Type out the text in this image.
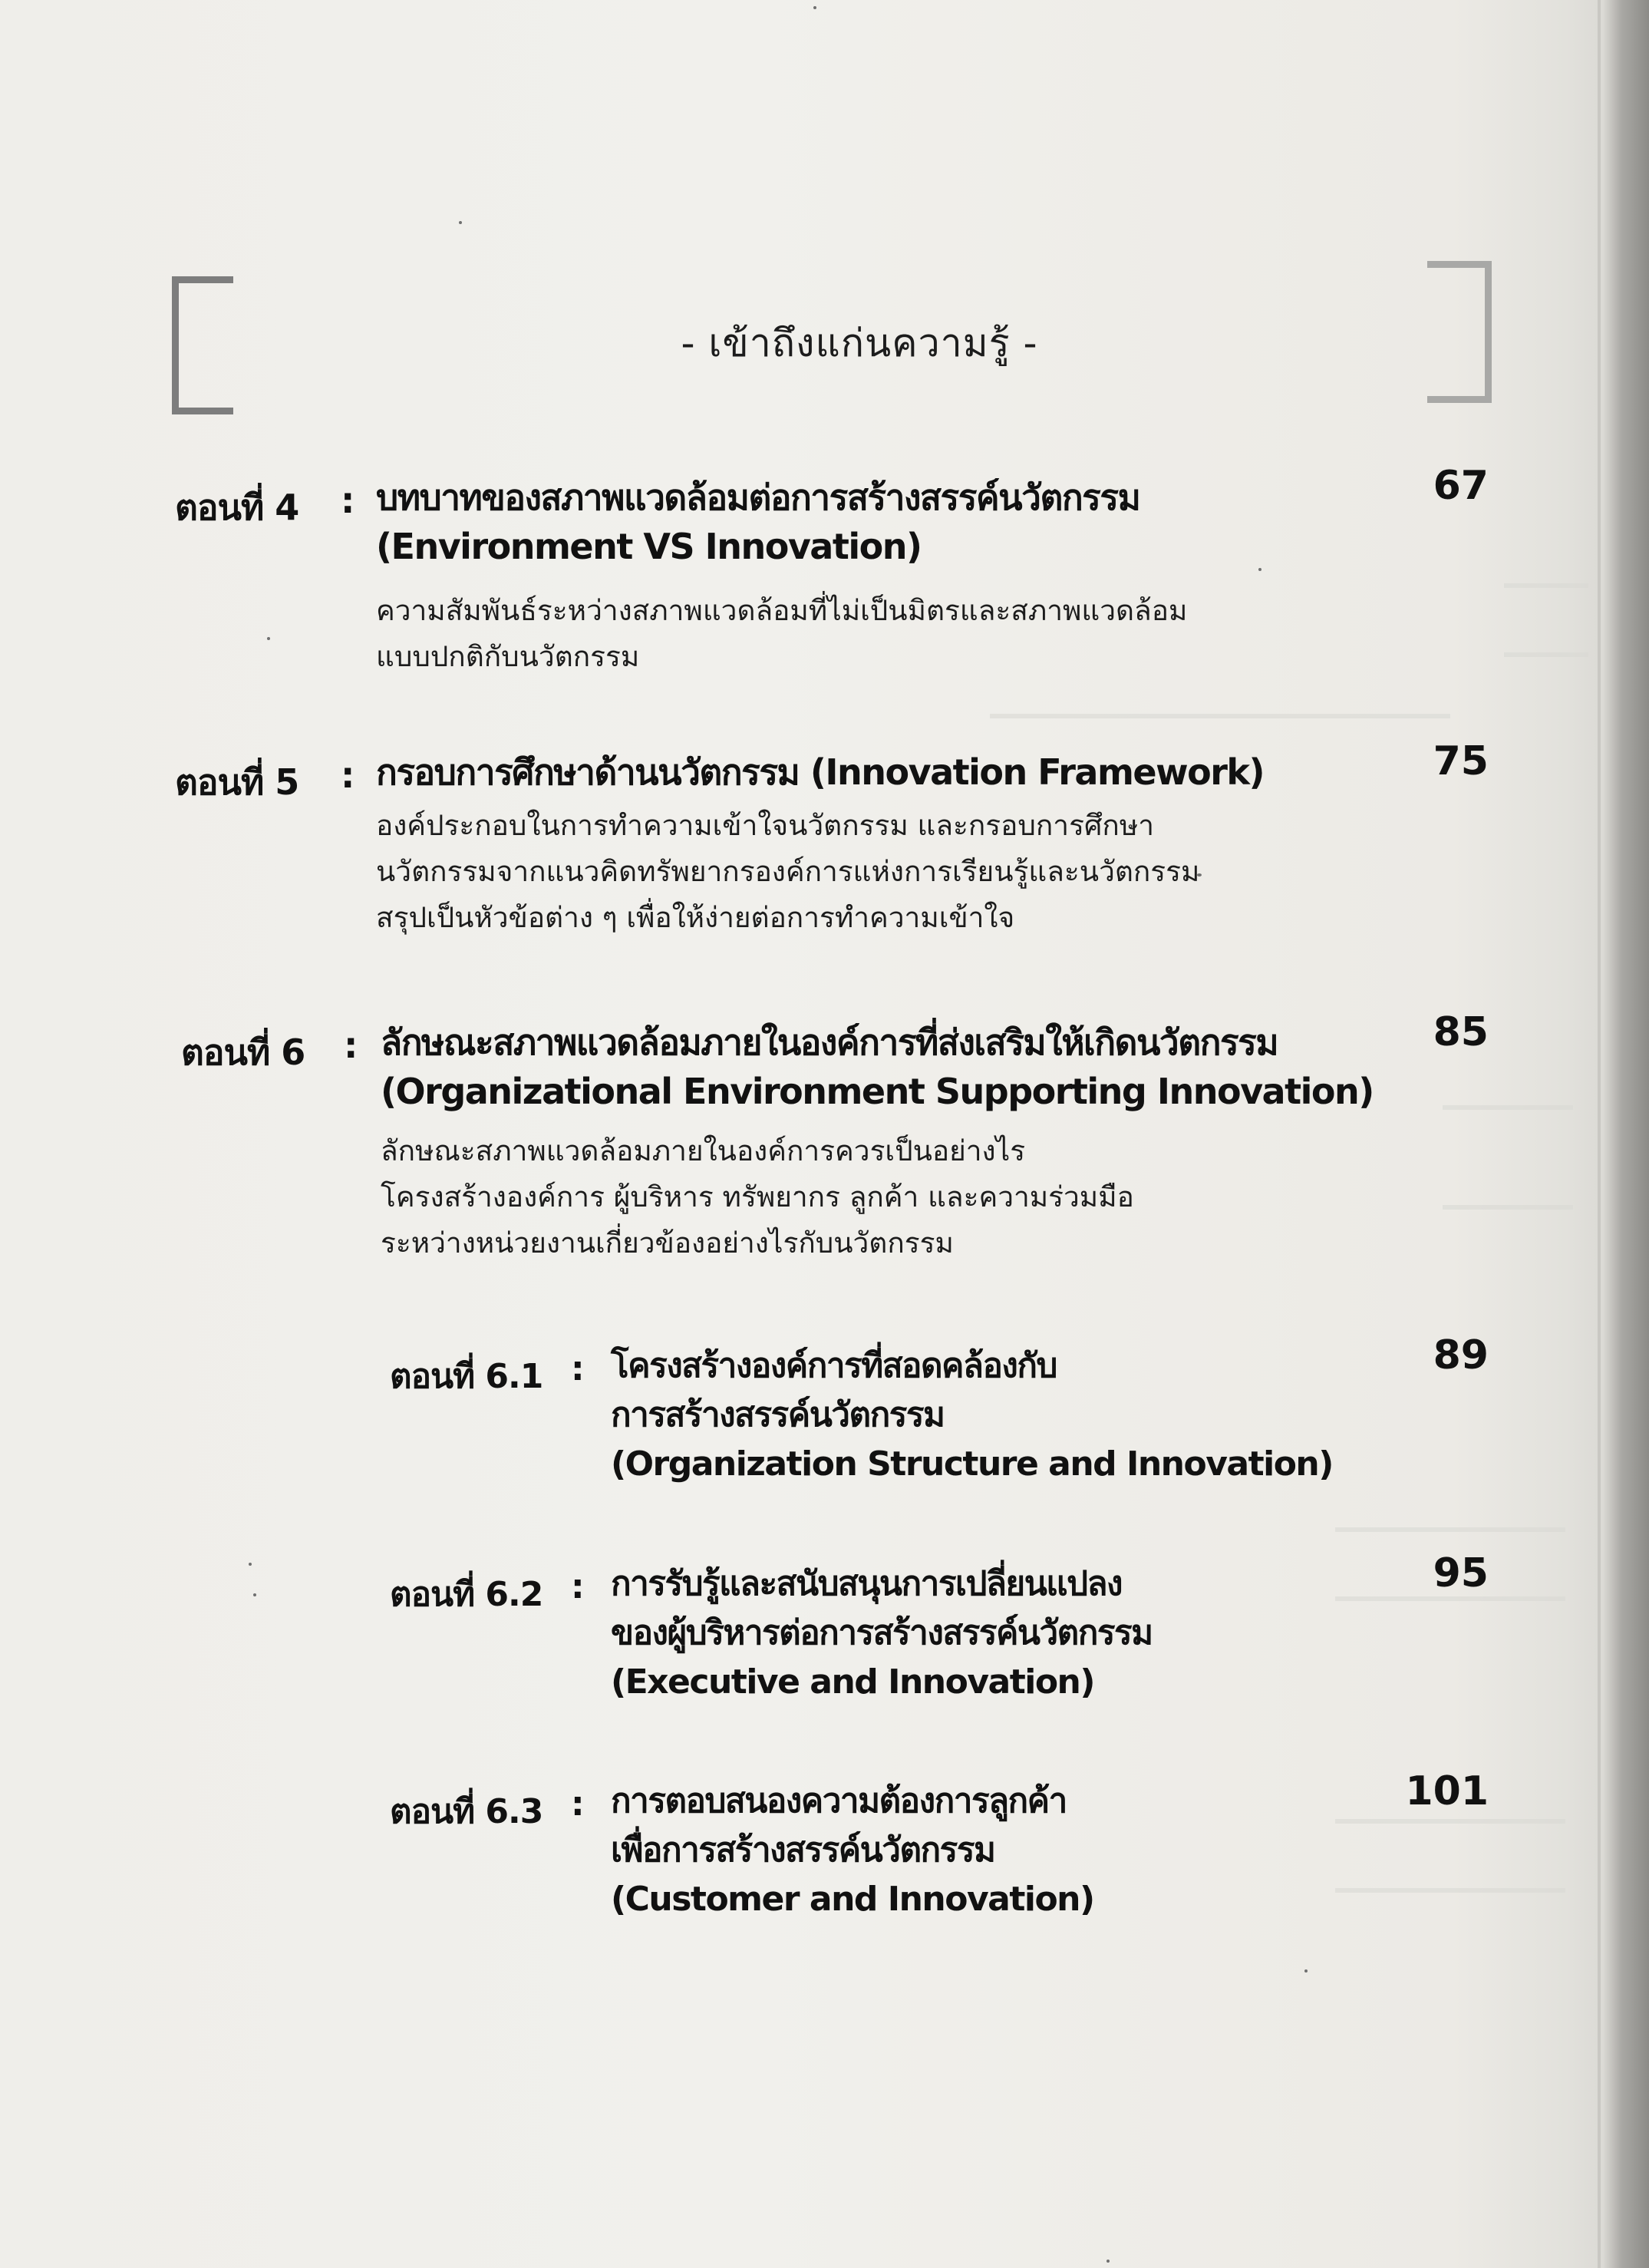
- เข้าถึงแก่นความรู้ -
ตอนที่ 4 : บทบาทของสภาพแวดล้อมต่อการสร้างสรรค์นวัตกรรม
(Environment VS Innovation)
ความสัมพันธ์ระหว่างสภาพแวดล้อมที่ไม่เป็นมิตรและสภาพแวดล้อม
แบบปกติกับนวัตกรรม
67
ตอนที่ 5 : กรอบการศึกษาด้านนวัตกรรม (Innovation Framework)
องค์ประกอบในการทำความเข้าใจนวัตกรรม และกรอบการศึกษา
นวัตกรรมจากแนวคิดทรัพยากรองค์การแห่งการเรียนรู้และนวัตกรรม
สรุปเป็นหัวข้อต่าง ๆ เพื่อให้ง่ายต่อการทำความเข้าใจ
75
ตอนที่ 6 : ลักษณะสภาพแวดล้อมภายในองค์การที่ส่งเสริมให้เกิดนวัตกรรม
(Organizational Environment Supporting Innovation)
ลักษณะสภาพแวดล้อมภายในองค์การควรเป็นอย่างไร
โครงสร้างองค์การ ผู้บริหาร ทรัพยากร ลูกค้า และความร่วมมือ
ระหว่างหน่วยงานเกี่ยวข้องอย่างไรกับนวัตกรรม
85
ตอนที่ 6.1 : โครงสร้างองค์การที่สอดคล้องกับ
การสร้างสรรค์นวัตกรรม
(Organization Structure and Innovation)
89
ตอนที่ 6.2 : การรับรู้และสนับสนุนการเปลี่ยนแปลง
ของผู้บริหารต่อการสร้างสรรค์นวัตกรรม
(Executive and Innovation)
95
ตอนที่ 6.3 : การตอบสนองความต้องการลูกค้า
เพื่อการสร้างสรรค์นวัตกรรม
(Customer and Innovation)
101
